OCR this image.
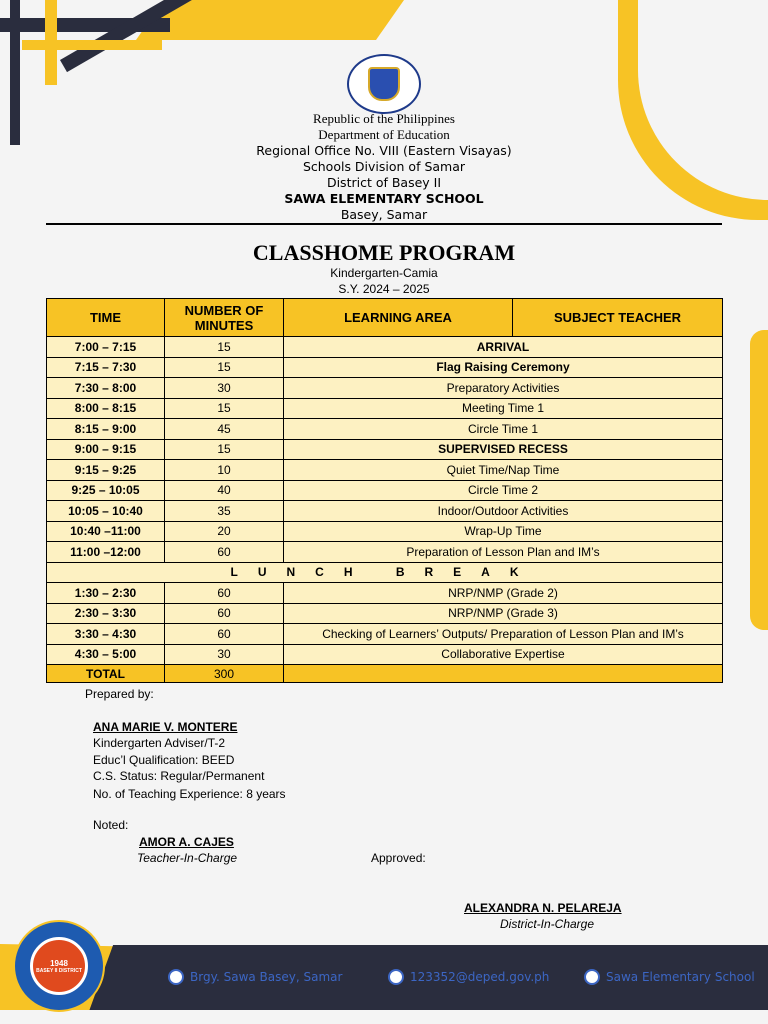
Republic of the Philippines
Department of Education
Regional Office No. VIII (Eastern Visayas)
Schools Division of Samar
District of Basey II
SAWA ELEMENTARY SCHOOL
Basey, Samar
CLASSHOME PROGRAM
Kindergarten-Camia
S.Y. 2024 – 2025
TIME	NUMBER OF MINUTES	LEARNING AREA	SUBJECT TEACHER
7:00 – 7:15	15	ARRIVAL	
7:15 – 7:30	15	Flag Raising Ceremony	
7:30 – 8:00	30	Preparatory Activities	
8:00 – 8:15	15	Meeting Time 1	
8:15 – 9:00	45	Circle Time 1	
9:00 – 9:15	15	SUPERVISED RECESS	
9:15 – 9:25	10	Quiet Time/Nap Time	
9:25 – 10:05	40	Circle Time 2	
10:05 – 10:40	35	Indoor/Outdoor Activities	
10:40 –11:00	20	Wrap-Up Time	
11:00 –12:00	60	Preparation of Lesson Plan and IM’s	
LUNCH BREAK			
1:30 – 2:30	60	NRP/NMP (Grade 2)	
2:30 – 3:30	60	NRP/NMP (Grade 3)	
3:30 – 4:30	60	Checking of Learners’ Outputs/ Preparation of Lesson Plan and IM’s	
4:30 – 5:00	30	Collaborative Expertise	
TOTAL	300		
Prepared by:
ANA MARIE V. MONTERE
Kindergarten Adviser/T-2
Educ’l Qualification: BEED
C.S. Status: Regular/Permanent
No. of Teaching Experience: 8 years
Noted:
AMOR A. CAJES
Teacher-In-Charge	Approved:
ALEXANDRA N. PELAREJA
District-In-Charge
1948
BASEY II DISTRICT	Brgy. Sawa Basey, Samar	123352@deped.gov.ph	Sawa Elementary School
